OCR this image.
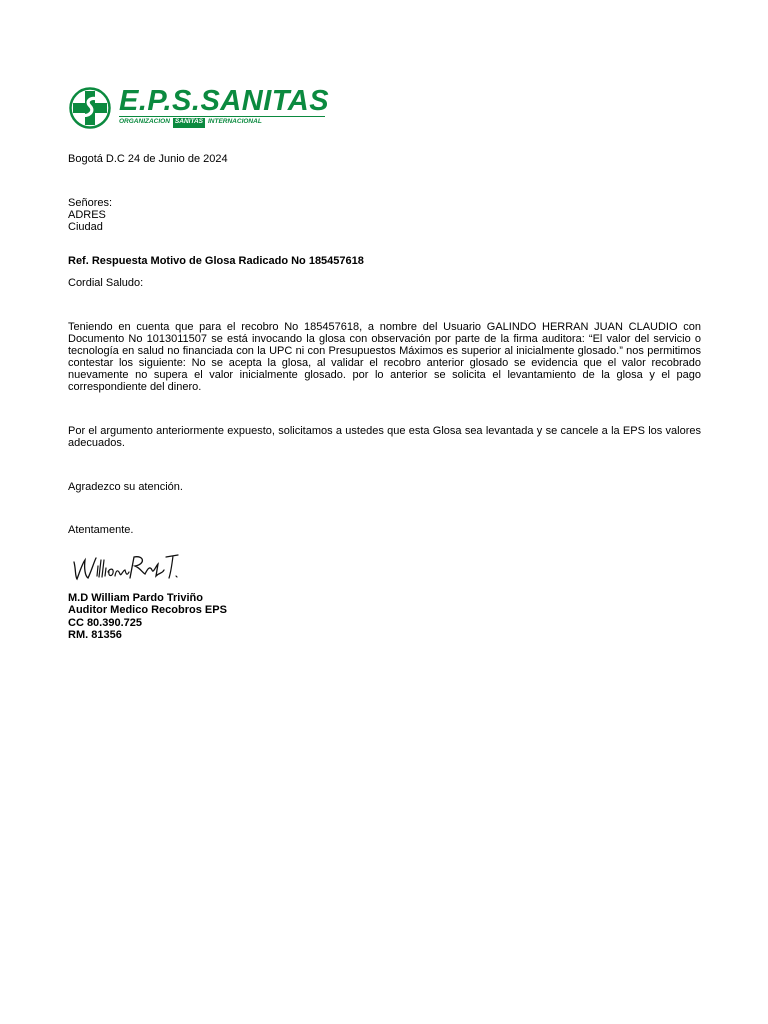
E.P.S.SANITAS
ORGANIZACION SANITAS INTERNACIONAL
Bogotá D.C 24 de Junio de 2024
Señores:
ADRES
Ciudad
Ref. Respuesta Motivo de Glosa Radicado No 185457618
Cordial Saludo:
Teniendo en cuenta que para el recobro No 185457618, a nombre del Usuario GALINDO HERRAN JUAN CLAUDIO con Documento No 1013011507 se está invocando la glosa con observación por parte de la firma auditora: “El valor del servicio o tecnología en salud no financiada con la UPC ni con Presupuestos Máximos es superior al inicialmente glosado.” nos permitimos contestar los siguiente: No se acepta la glosa, al validar el recobro anterior glosado se evidencia que el valor recobrado nuevamente no supera el valor inicialmente glosado. por lo anterior se solicita el levantamiento de la glosa y el pago correspondiente del dinero.
Por el argumento anteriormente expuesto, solicitamos a ustedes que esta Glosa sea levantada y se cancele a la EPS los valores adecuados.
Agradezco su atención.
Atentamente.
M.D William Pardo Triviño
Auditor Medico Recobros EPS
CC 80.390.725
RM. 81356
